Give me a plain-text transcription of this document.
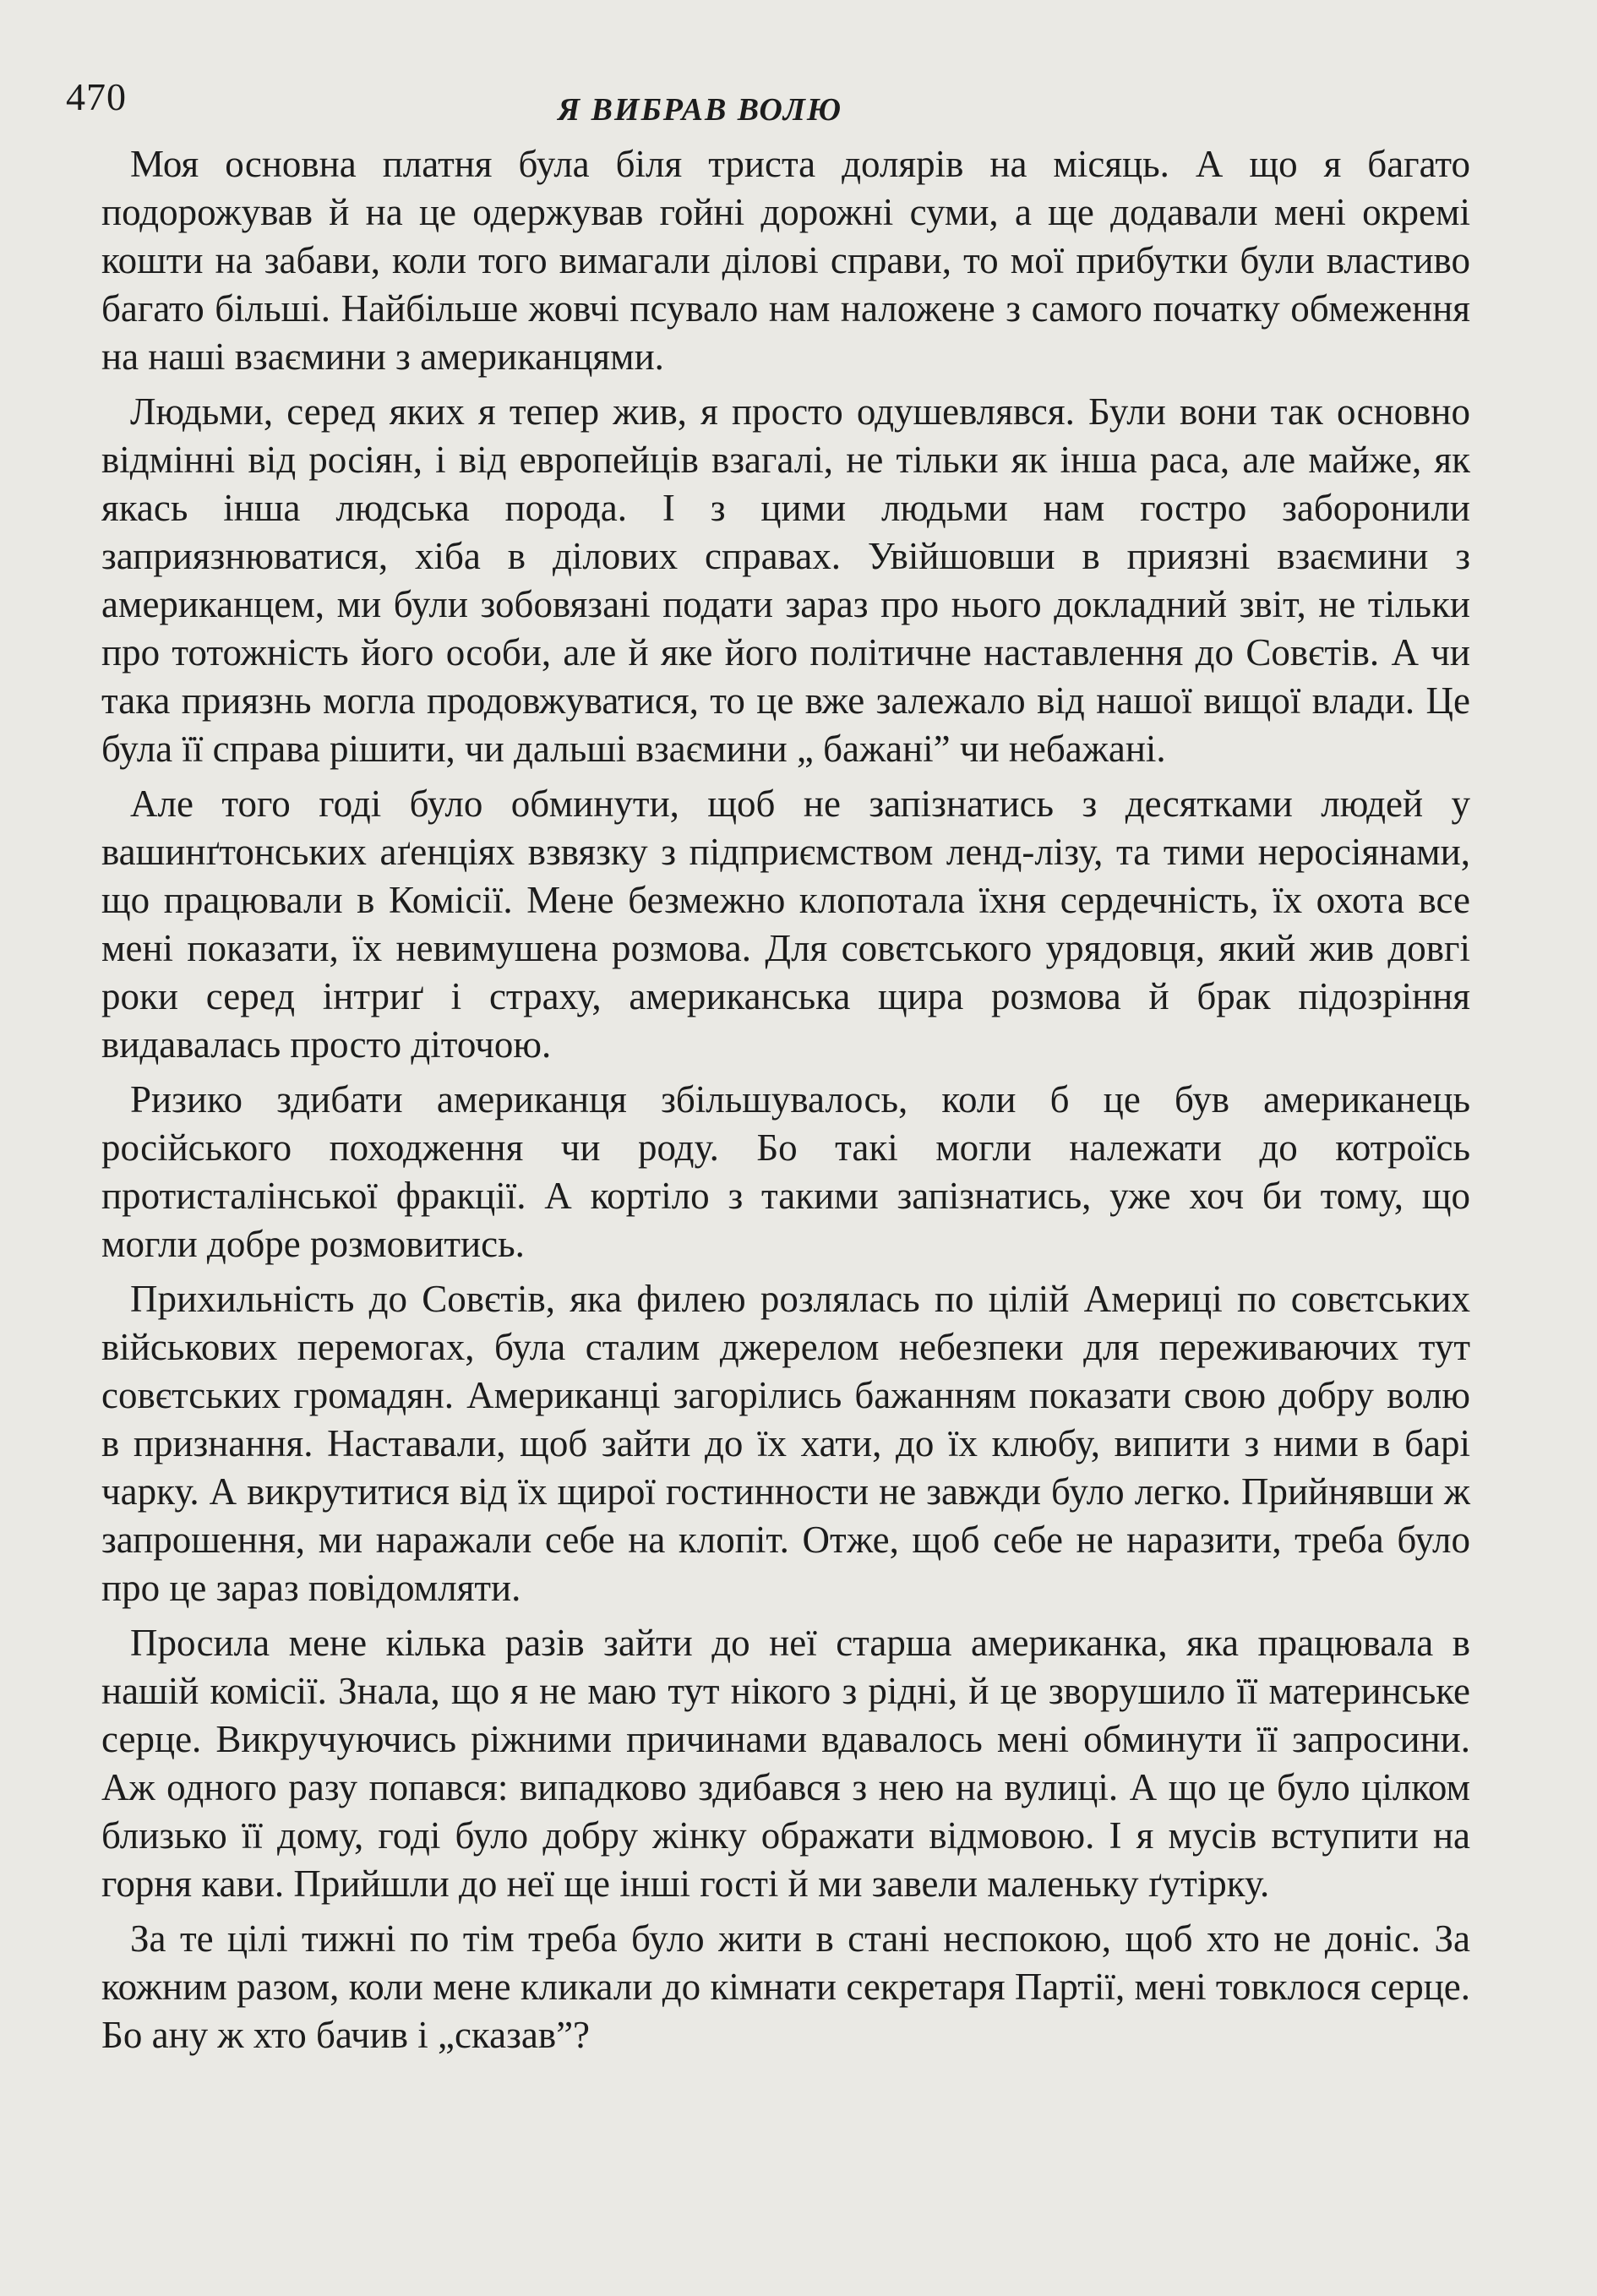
470	Я ВИБРАВ ВОЛЮ

Моя основна платня була біля триста долярів на місяць. А що я багато подорожував й на це одержував гойні дорожні суми, а ще додавали мені окремі кошти на забави, коли того вимагали ділові справи, то мої прибутки були властиво багато більші. Найбільше жовчі псувало нам наложене з самого початку обмеження на наші взаємини з американцями.

Людьми, серед яких я тепер жив, я просто одушевлявся. Були вони так основно відмінні від росіян, і від европейців взагалі, не тільки як інша раса, але майже, як якась інша людська порода. І з цими людьми нам гостро заборонили заприязнюватися, хіба в ділових справах. Увійшовши в приязні взаємини з американцем, ми були зобовязані подати зараз про нього докладний звіт, не тільки про тотожність його особи, але й яке його політичне наставлення до Совєтів. А чи така приязнь могла продовжуватися, то це вже залежало від нашої вищої влади. Це була її справа рішити, чи дальші взаємини „ бажані” чи небажані.

Але того годі було обминути, щоб не запізнатись з десятками людей у вашинґтонських аґенціях взвязку з підприємством ленд-лізу, та тими неросіянами, що працювали в Комісії. Мене безмежно клопотала їхня сердечність, їх охота все мені показати, їх невимушена розмова. Для совєтського урядовця, який жив довгі роки серед інтриґ і страху, американська щира розмова й брак підозріння видавалась просто діточою.

Ризико здибати американця збільшувалось, коли б це був американець російського походження чи роду. Бо такі могли належати до котроїсь протисталінської фракції. А кортіло з такими запізнатись, уже хоч би тому, що могли добре розмовитись.

Прихильність до Совєтів, яка филею розлялась по цілій Америці по совєтських військових перемогах, була сталим джерелом небезпеки для переживаючих тут совєтських громадян. Американці загорілись бажанням показати свою добру волю в признання. Наставали, щоб зайти до їх хати, до їх клюбу, випити з ними в барі чарку. А викрутитися від їх щирої гостинности не завжди було легко. Прийнявши ж запрошення, ми наражали себе на клопіт. Отже, щоб себе не наразити, треба було про це зараз повідомляти.

Просила мене кілька разів зайти до неї старша американка, яка працювала в нашій комісії. Знала, що я не маю тут нікого з рідні, й це зворушило її материнське серце. Викручуючись ріжними причинами вдавалось мені обминути її запросини. Аж одного разу попався: випадково здибався з нею на вулиці. А що це було цілком близько її дому, годі було добру жінку ображати відмовою. І я мусів вступити на горня кави. Прийшли до неї ще інші гості й ми завели маленьку ґутірку.

За те цілі тижні по тім треба було жити в стані неспокою, щоб хто не доніс. За кожним разом, коли мене кликали до кімнати секретаря Партії, мені товклося серце. Бо ану ж хто бачив і „сказав”?
